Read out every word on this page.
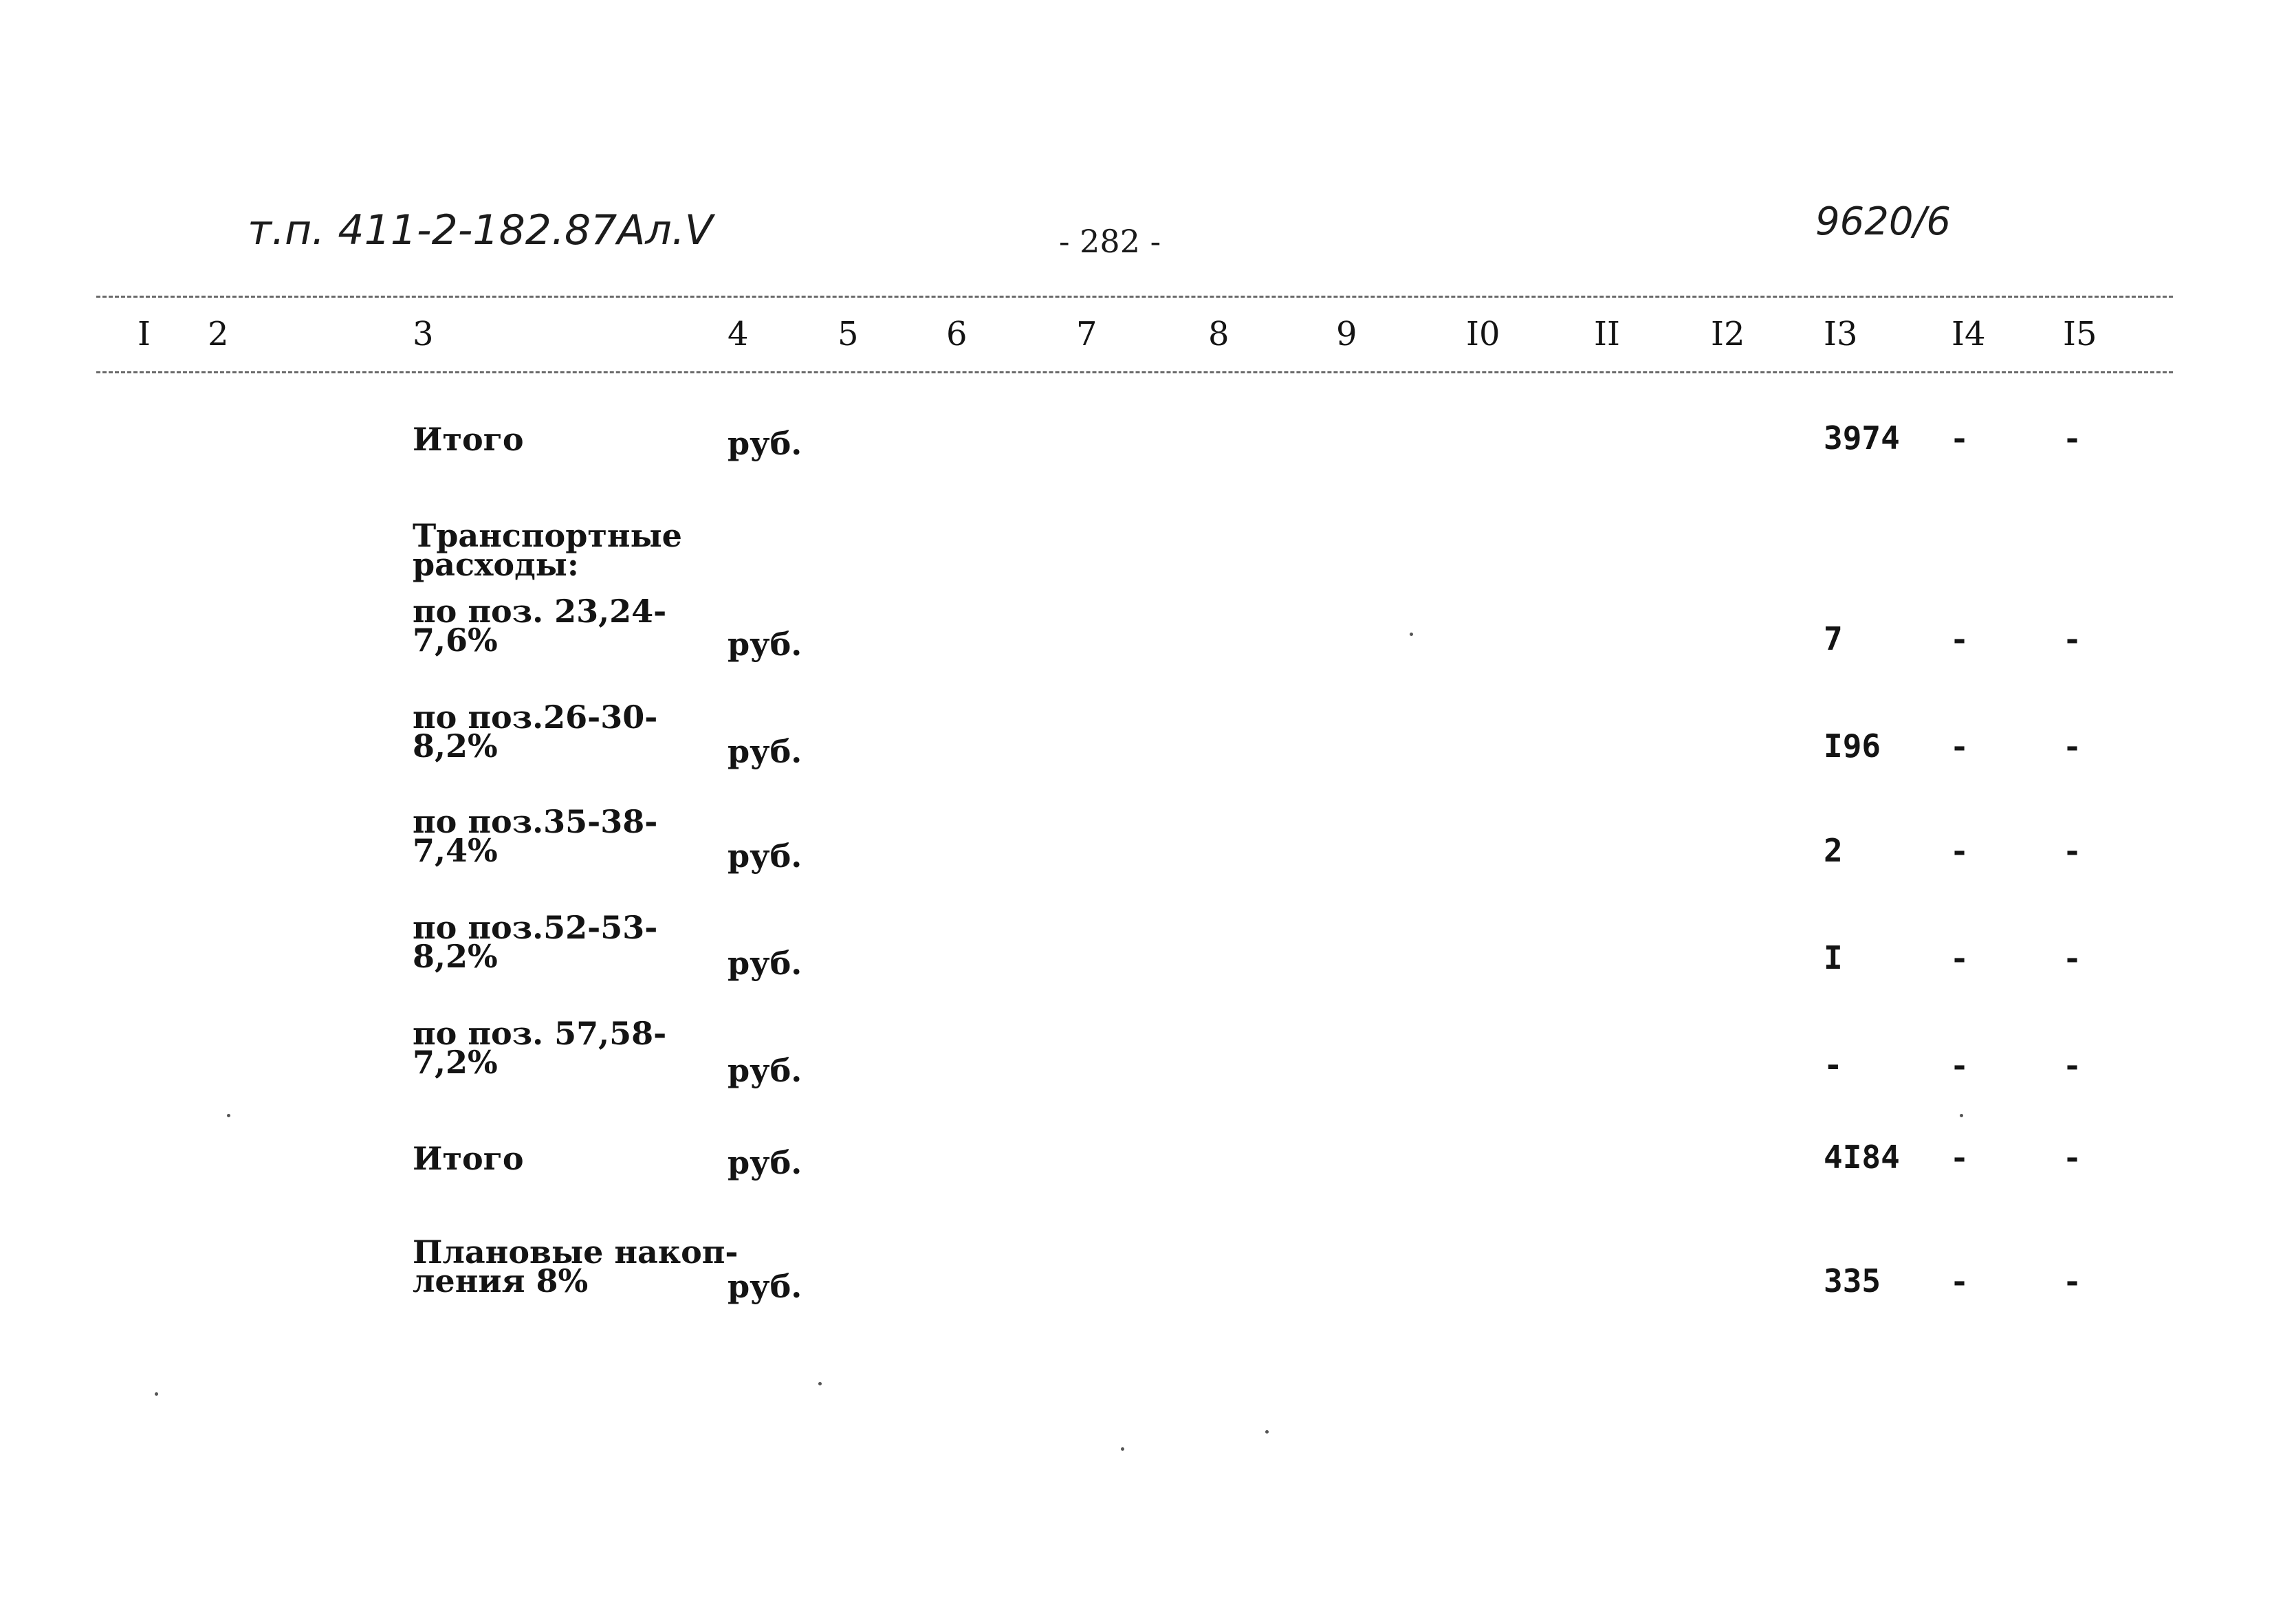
т.п. 411-2-182.87Ал.V	- 282 -	9620/6
I 2	3	4	5	6	7	8	9	I0	II	I2 I3	I4 I5
Итого	руб.	3974 -	-
Транспортные
расходы:
по поз. 23,24-
7,6%	руб.	7	-	-
по поз.26-30-
8,2%	руб.	I96 -	-
по поз.35-38-
7,4%	руб.	2	-	-
по поз.52-53-
8,2%	руб.	I	-	-
по поз. 57,58-
7,2%	руб.	-	-	-
Итого	руб.	4I84 -	-
Плановые накоп-
ления 8%	руб.	335 -	-
